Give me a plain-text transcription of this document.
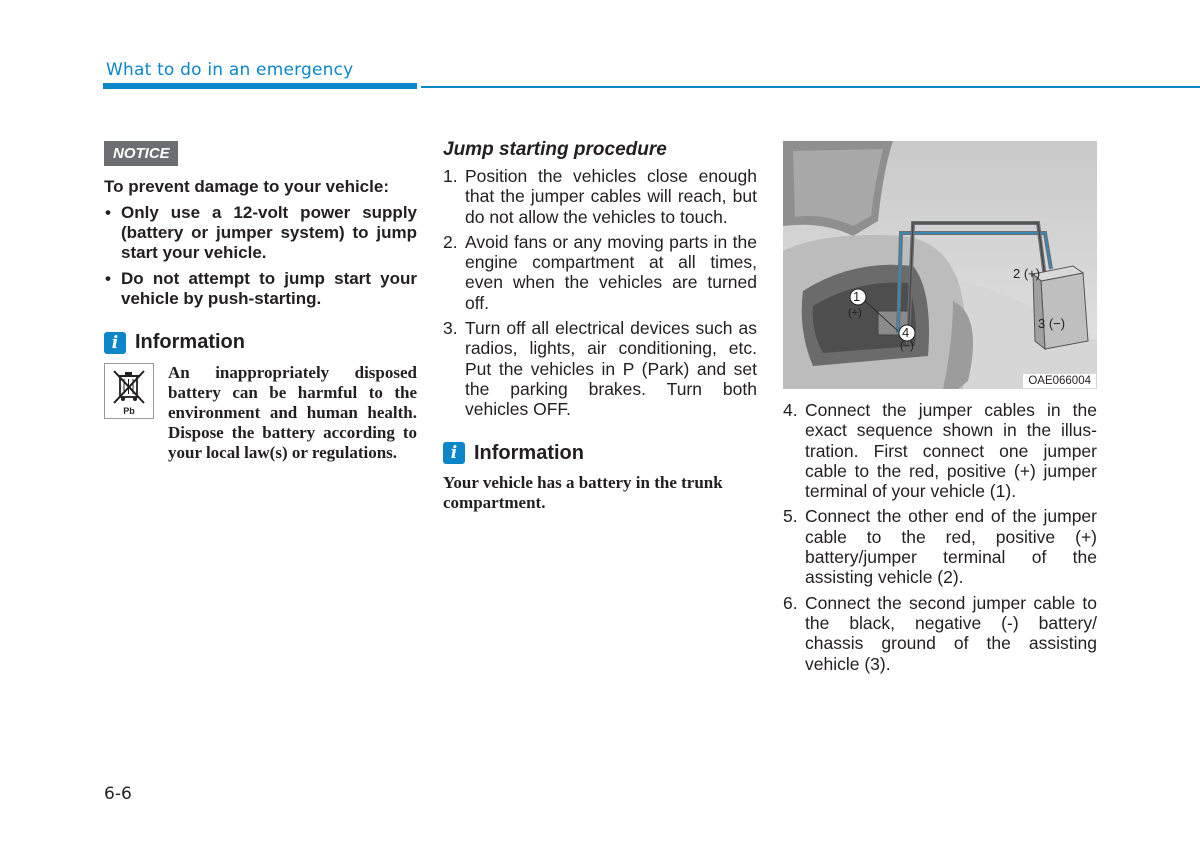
What to do in an emergency
NOTICE
To prevent damage to your vehicle:
• Only use a 12-volt power supply (battery or jumper system) to jump start your vehicle.
• Do not attempt to jump start your vehicle by push-starting.
i Information
Pb
An inappropriately disposed battery can be harmful to the environment and human health. Dispose the battery according to your local law(s) or regulations.
Jump starting procedure
1. Position the vehicles close enough that the jumper cables will reach, but do not allow the vehicles to touch.
2. Avoid fans or any moving parts in the engine compartment at all times, even when the vehicles are turned off.
3. Turn off all electrical devices such as radios, lights, air conditioning, etc. Put the vehicles in P (Park) and set the parking brakes. Turn both vehicles OFF.
i Information
Your vehicle has a battery in the trunk compartment.
1
(+)
4
(−)
2 (+)
3 (−)
OAE066004
4. Connect the jumper cables in the exact sequence shown in the illus-tration. First connect one jumper cable to the red, positive (+) jumper terminal of your vehicle (1).
5. Connect the other end of the jumper cable to the red, positive (+) battery/jumper terminal of the assisting vehicle (2).
6. Connect the second jumper cable to the black, negative (-) battery/ chassis ground of the assisting vehicle (3).
6-6
